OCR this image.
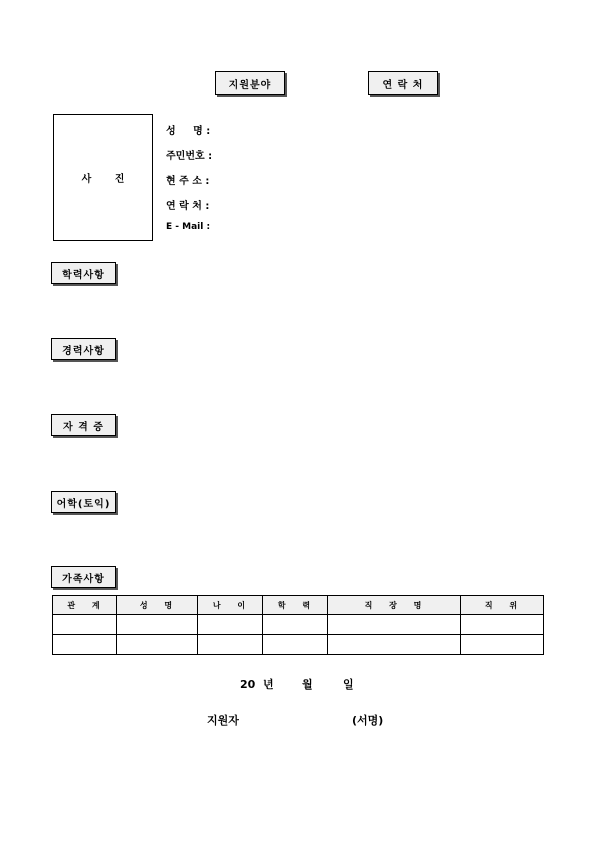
지원분야	연 락 처
사 진
성     명 :
주민번호 :
현 주 소 :
연 락 처 :
E - Mail :
학력사항
경력사항
자 격 증
어학(토익)
가족사항
관 계	성 명	나 이	학 력	직 장 명	직 위

20  년	월	일
지원자	(서명)
